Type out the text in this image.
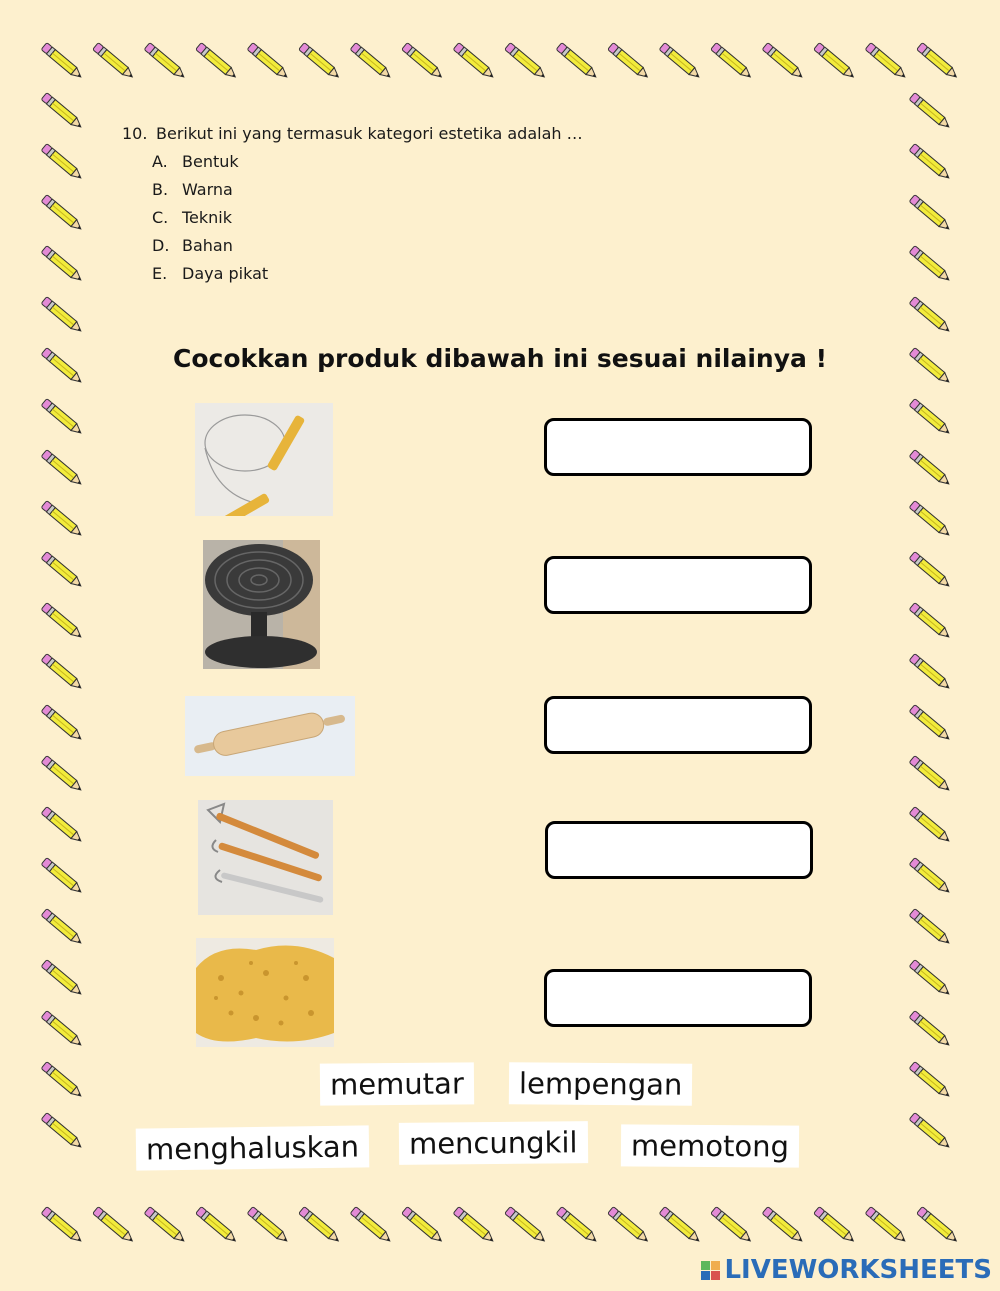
10. Berikut ini yang termasuk kategori estetika adalah …
A. Bentuk
B. Warna
C. Teknik
D. Bahan
E. Daya pikat
Cocokkan produk dibawah ini sesuai nilainya !
memutar	lempengan
menghaluskan	mencungkil	memotong
LIVEWORKSHEETS
